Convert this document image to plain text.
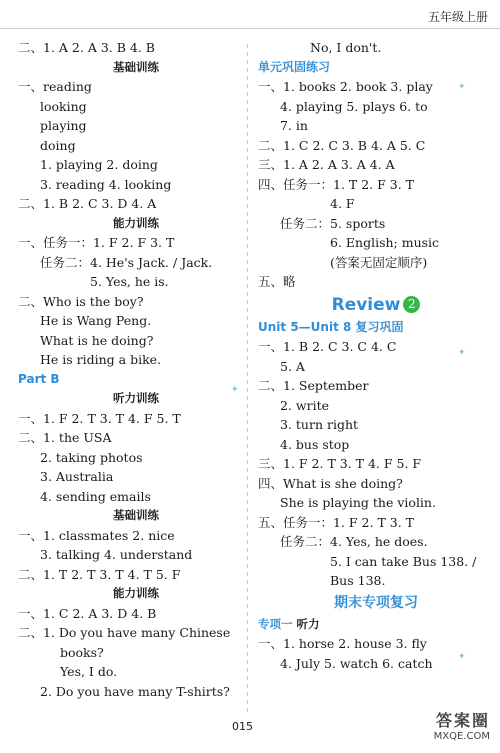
五年级上册
二、1. A 2. A 3. B 4. B
基础训练
一、reading
looking
playing
doing
1. playing 2. doing
3. reading 4. looking
二、1. B 2. C 3. D 4. A
能力训练
一、任务一：1. F 2. F 3. T
任务二：4. He's Jack. / Jack.
5. Yes, he is.
二、Who is the boy?
He is Wang Peng.
What is he doing?
He is riding a bike.
Part B
听力训练
一、1. F 2. T 3. T 4. F 5. T
二、1. the USA
2. taking photos
3. Australia
4. sending emails
基础训练
一、1. classmates 2. nice
3. talking 4. understand
二、1. T 2. T 3. T 4. T 5. F
能力训练
一、1. C 2. A 3. D 4. B
二、1. Do you have many Chinese
books?
Yes, I do.
2. Do you have many T-shirts?
No, I don't.
单元巩固练习
一、1. books 2. book 3. play
4. playing 5. plays 6. to
7. in
二、1. C 2. C 3. B 4. A 5. C
三、1. A 2. A 3. A 4. A
四、任务一：1. T 2. F 3. T
4. F
任务二：5. sports
6. English; music
(答案无固定顺序)
五、略
Review 2
Unit 5—Unit 8 复习巩固
一、1. B 2. C 3. C 4. C
5. A
二、1. September
2. write
3. turn right
4. bus stop
三、1. F 2. T 3. T 4. F 5. F
四、What is she doing?
She is playing the violin.
五、任务一：1. F 2. T 3. T
任务二：4. Yes, he does.
5. I can take Bus 138. /
Bus 138.
期末专项复习
专项一 听力
一、1. horse 2. house 3. fly
4. July 5. watch 6. catch
✦
✦
✦
✦
015	答案圈
MXQE.COM
